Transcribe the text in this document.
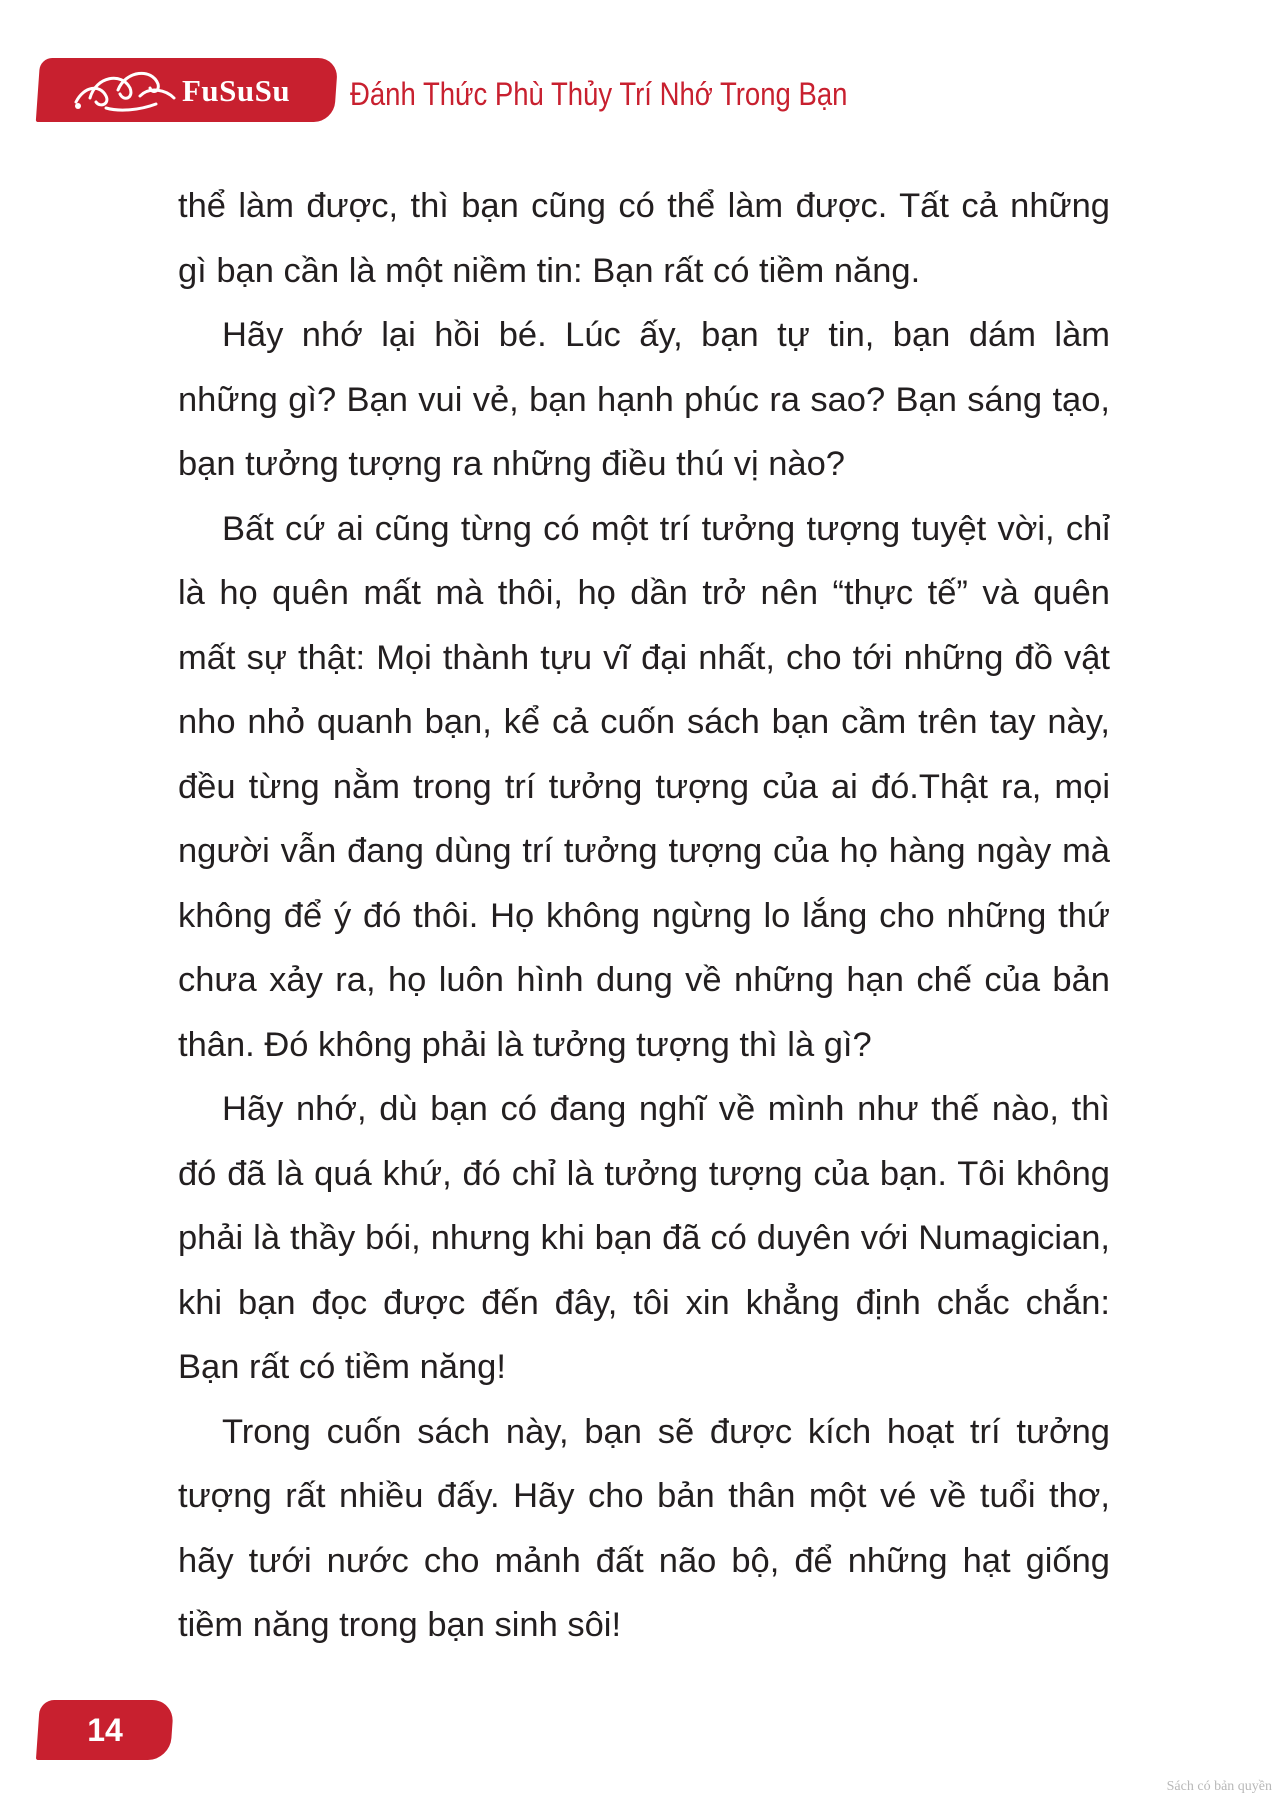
FuSuSu Đánh Thức Phù Thủy Trí Nhớ Trong Bạn

thể làm được, thì bạn cũng có thể làm được. Tất cả những gì bạn cần là một niềm tin: Bạn rất có tiềm năng.

Hãy nhớ lại hồi bé. Lúc ấy, bạn tự tin, bạn dám làm những gì? Bạn vui vẻ, bạn hạnh phúc ra sao? Bạn sáng tạo, bạn tưởng tượng ra những điều thú vị nào?

Bất cứ ai cũng từng có một trí tưởng tượng tuyệt vời, chỉ là họ quên mất mà thôi, họ dần trở nên “thực tế” và quên mất sự thật: Mọi thành tựu vĩ đại nhất, cho tới những đồ vật nho nhỏ quanh bạn, kể cả cuốn sách bạn cầm trên tay này, đều từng nằm trong trí tưởng tượng của ai đó.Thật ra, mọi người vẫn đang dùng trí tưởng tượng của họ hàng ngày mà không để ý đó thôi. Họ không ngừng lo lắng cho những thứ chưa xảy ra, họ luôn hình dung về những hạn chế của bản thân. Đó không phải là tưởng tượng thì là gì?

Hãy nhớ, dù bạn có đang nghĩ về mình như thế nào, thì đó đã là quá khứ, đó chỉ là tưởng tượng của bạn. Tôi không phải là thầy bói, nhưng khi bạn đã có duyên với Numagician, khi bạn đọc được đến đây, tôi xin khẳng định chắc chắn: Bạn rất có tiềm năng!

Trong cuốn sách này, bạn sẽ được kích hoạt trí tưởng tượng rất nhiều đấy. Hãy cho bản thân một vé về tuổi thơ, hãy tưới nước cho mảnh đất não bộ, để những hạt giống tiềm năng trong bạn sinh sôi!

14
Sách có bản quyền
